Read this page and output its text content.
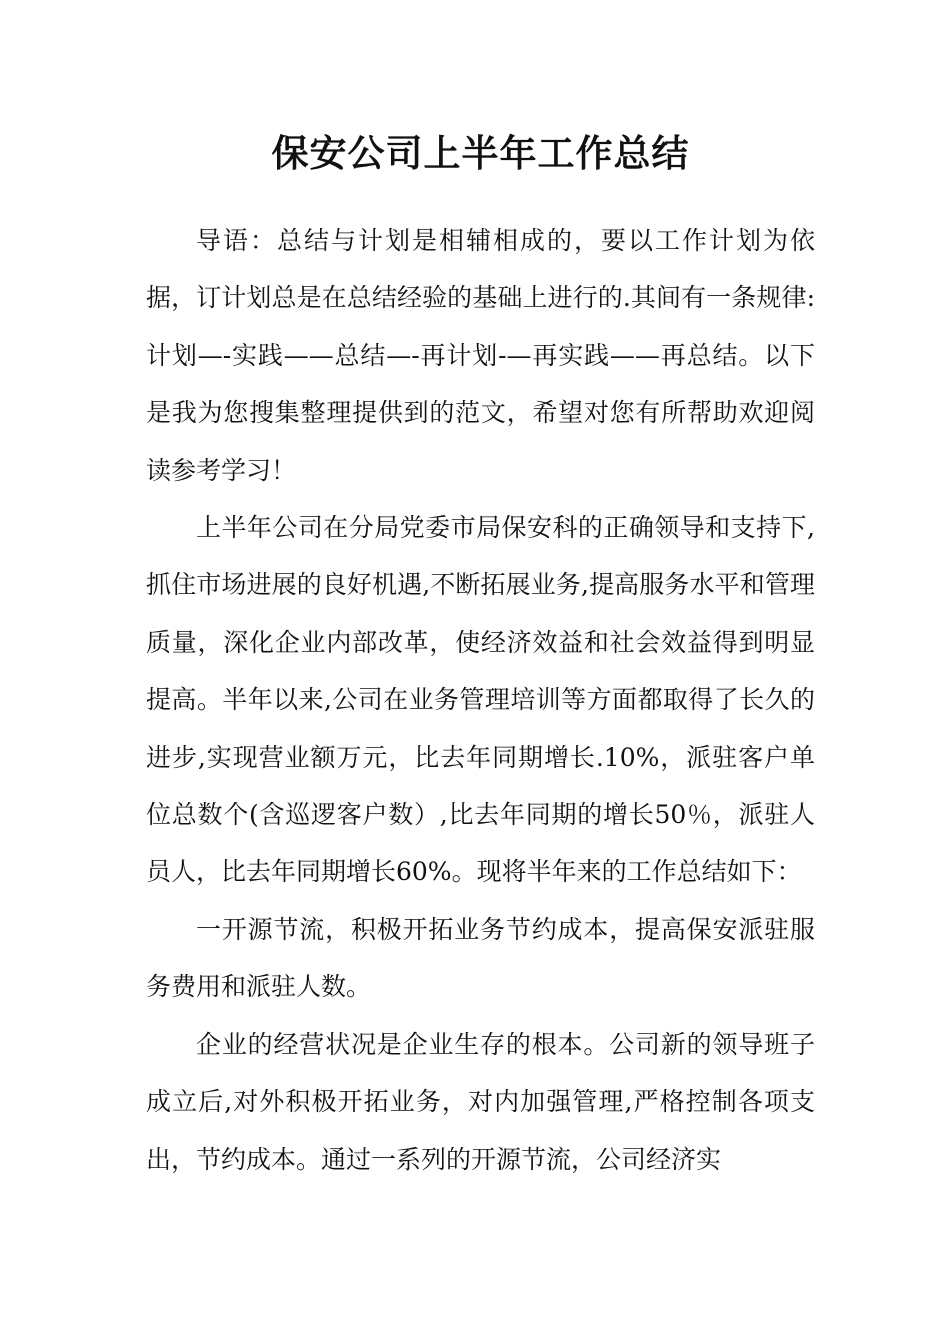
保安公司上半年工作总结

导语：总结与计划是相辅相成的，要以工作计划为依据，订计划总是在总结经验的基础上进行的.其间有一条规律:计划—-实践——总结—-再计划-—再实践——再总结。以下是我为您搜集整理提供到的范文，希望对您有所帮助欢迎阅读参考学习！

上半年公司在分局党委市局保安科的正确领导和支持下,抓住市场进展的良好机遇,不断拓展业务,提高服务水平和管理质量，深化企业内部改革，使经济效益和社会效益得到明显提高。半年以来,公司在业务管理培训等方面都取得了长久的进步,实现营业额万元，比去年同期增长.10%，派驻客户单位总数个(含巡逻客户数）,比去年同期的增长50％，派驻人员人，比去年同期增长60%。现将半年来的工作总结如下：

一开源节流，积极开拓业务节约成本，提高保安派驻服务费用和派驻人数。

企业的经营状况是企业生存的根本。公司新的领导班子成立后,对外积极开拓业务，对内加强管理,严格控制各项支出，节约成本。通过一系列的开源节流，公司经济实
